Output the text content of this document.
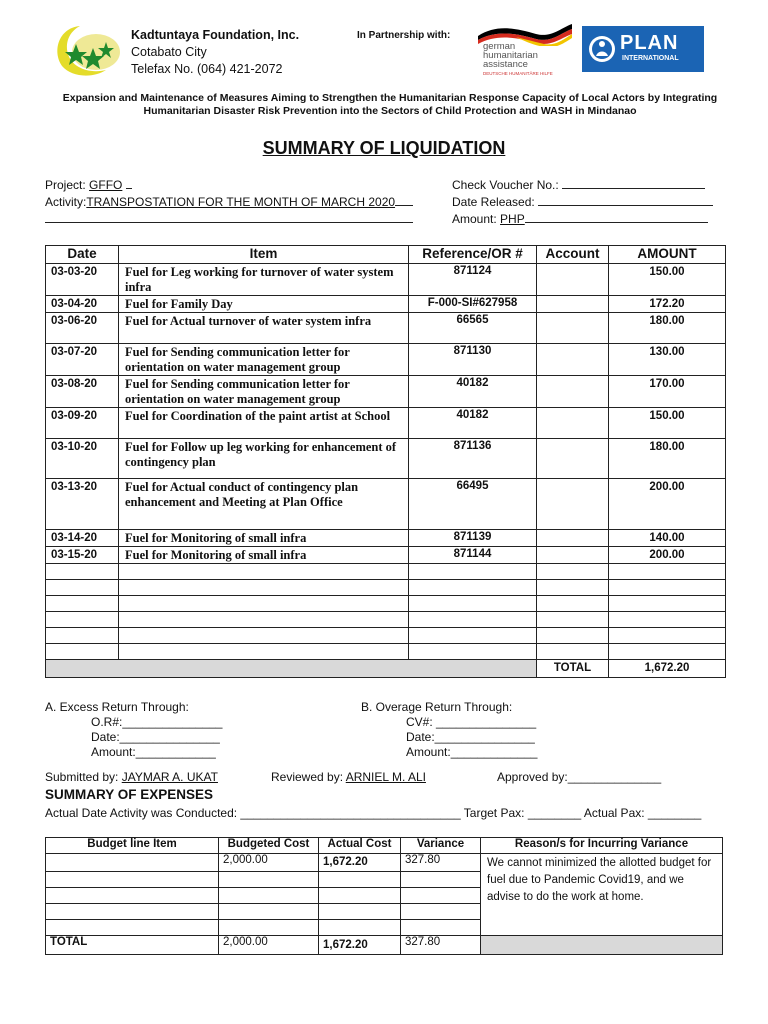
Kadtuntaya Foundation, Inc.
Cotabato City
Telefax No. (064) 421-2072
In Partnership with:
german
humanitarian
assistance
DEUTSCHE HUMANITÄRE HILFE
PLAN
INTERNATIONAL
Expansion and Maintenance of Measures Aiming to Strengthen the Humanitarian Response Capacity of Local Actors by Integrating
Humanitarian Disaster Risk Prevention into the Sectors of Child Protection and WASH in Mindanao
SUMMARY OF LIQUIDATION
Project: GFFO
Activity:TRANSPOSTATION FOR THE MONTH OF MARCH 2020
Check Voucher No.:
Date Released:
Amount: PHP
Date	Item	Reference/OR #	Account	AMOUNT
03-03-20	Fuel for Leg working for turnover of water system infra	871124		150.00
03-04-20	Fuel for Family Day	F-000-SI#627958		172.20
03-06-20	Fuel for Actual turnover of water system infra	66565		180.00
03-07-20	Fuel for Sending communication letter for orientation on water management group	871130		130.00
03-08-20	Fuel for Sending communication letter for orientation on water management group	40182		170.00
03-09-20	Fuel for Coordination of the paint artist at School	40182		150.00
03-10-20	Fuel for Follow up leg working for enhancement of contingency plan	871136		180.00
03-13-20	Fuel for Actual conduct of contingency plan enhancement and Meeting at Plan Office	66495		200.00
03-14-20	Fuel for Monitoring of small infra	871139		140.00
03-15-20	Fuel for Monitoring of small infra	871144		200.00

			TOTAL	1,672.20
A. Excess Return Through:
O.R#:_______________
Date:_______________
Amount:____________
B. Overage Return Through:
CV#: _______________
Date:_______________
Amount:_____________
Submitted by: JAYMAR A. UKAT	Reviewed by: ARNIEL M. ALI	Approved by:______________
SUMMARY OF EXPENSES
Actual Date Activity was Conducted: _________________________________ Target Pax: ________ Actual Pax: ________
Budget line Item	Budgeted Cost	Actual Cost	Variance	Reason/s for Incurring Variance
	2,000.00	1,672.20	327.80	We cannot minimized the allotted budget for fuel due to Pandemic Covid19, and we advise to do the work at home.

TOTAL	2,000.00	1,672.20	327.80	
